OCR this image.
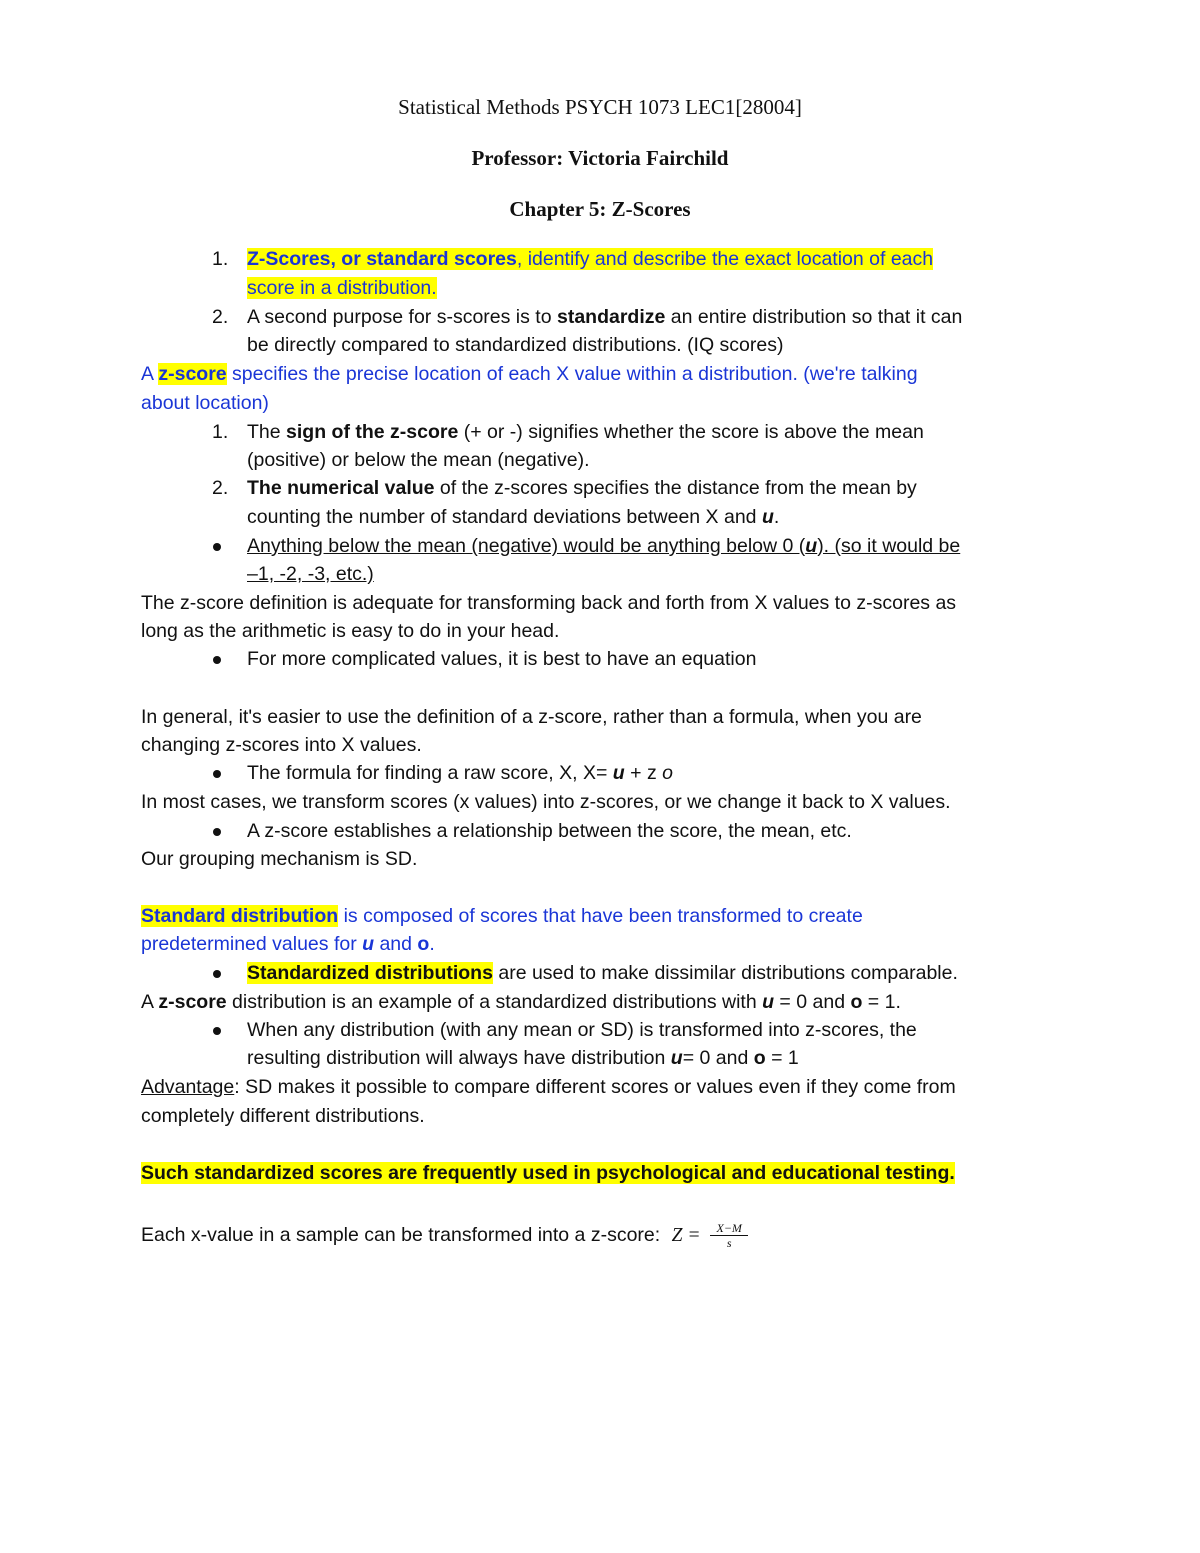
Statistical Methods PSYCH 1073 LEC1[28004]
Professor: Victoria Fairchild
Chapter 5: Z-Scores
1. Z-Scores, or standard scores, identify and describe the exact location of each
score in a distribution.
2. A second purpose for s-scores is to standardize an entire distribution so that it can
be directly compared to standardized distributions. (IQ scores)
A z-score specifies the precise location of each X value within a distribution. (we're talking
about location)
1. The sign of the z-score (+ or -) signifies whether the score is above the mean
(positive) or below the mean (negative).
2. The numerical value of the z-scores specifies the distance from the mean by
counting the number of standard deviations between X and u.
Anything below the mean (negative) would be anything below 0 (u). (so it would be
–1, -2, -3, etc.)
The z-score definition is adequate for transforming back and forth from X values to z-scores as
long as the arithmetic is easy to do in your head.
For more complicated values, it is best to have an equation
In general, it's easier to use the definition of a z-score, rather than a formula, when you are
changing z-scores into X values.
The formula for finding a raw score, X, X= u + z o
In most cases, we transform scores (x values) into z-scores, or we change it back to X values.
A z-score establishes a relationship between the score, the mean, etc.
Our grouping mechanism is SD.
Standard distribution is composed of scores that have been transformed to create
predetermined values for u and o.
Standardized distributions are used to make dissimilar distributions comparable.
A z-score distribution is an example of a standardized distributions with u = 0 and o = 1.
When any distribution (with any mean or SD) is transformed into z-scores, the
resulting distribution will always have distribution u= 0 and o = 1
Advantage: SD makes it possible to compare different scores or values even if they come from
completely different distributions.
Such standardized scores are frequently used in psychological and educational testing.
Each x-value in a sample can be transformed into a z-score: $Z = \frac{X-M}{s}$
